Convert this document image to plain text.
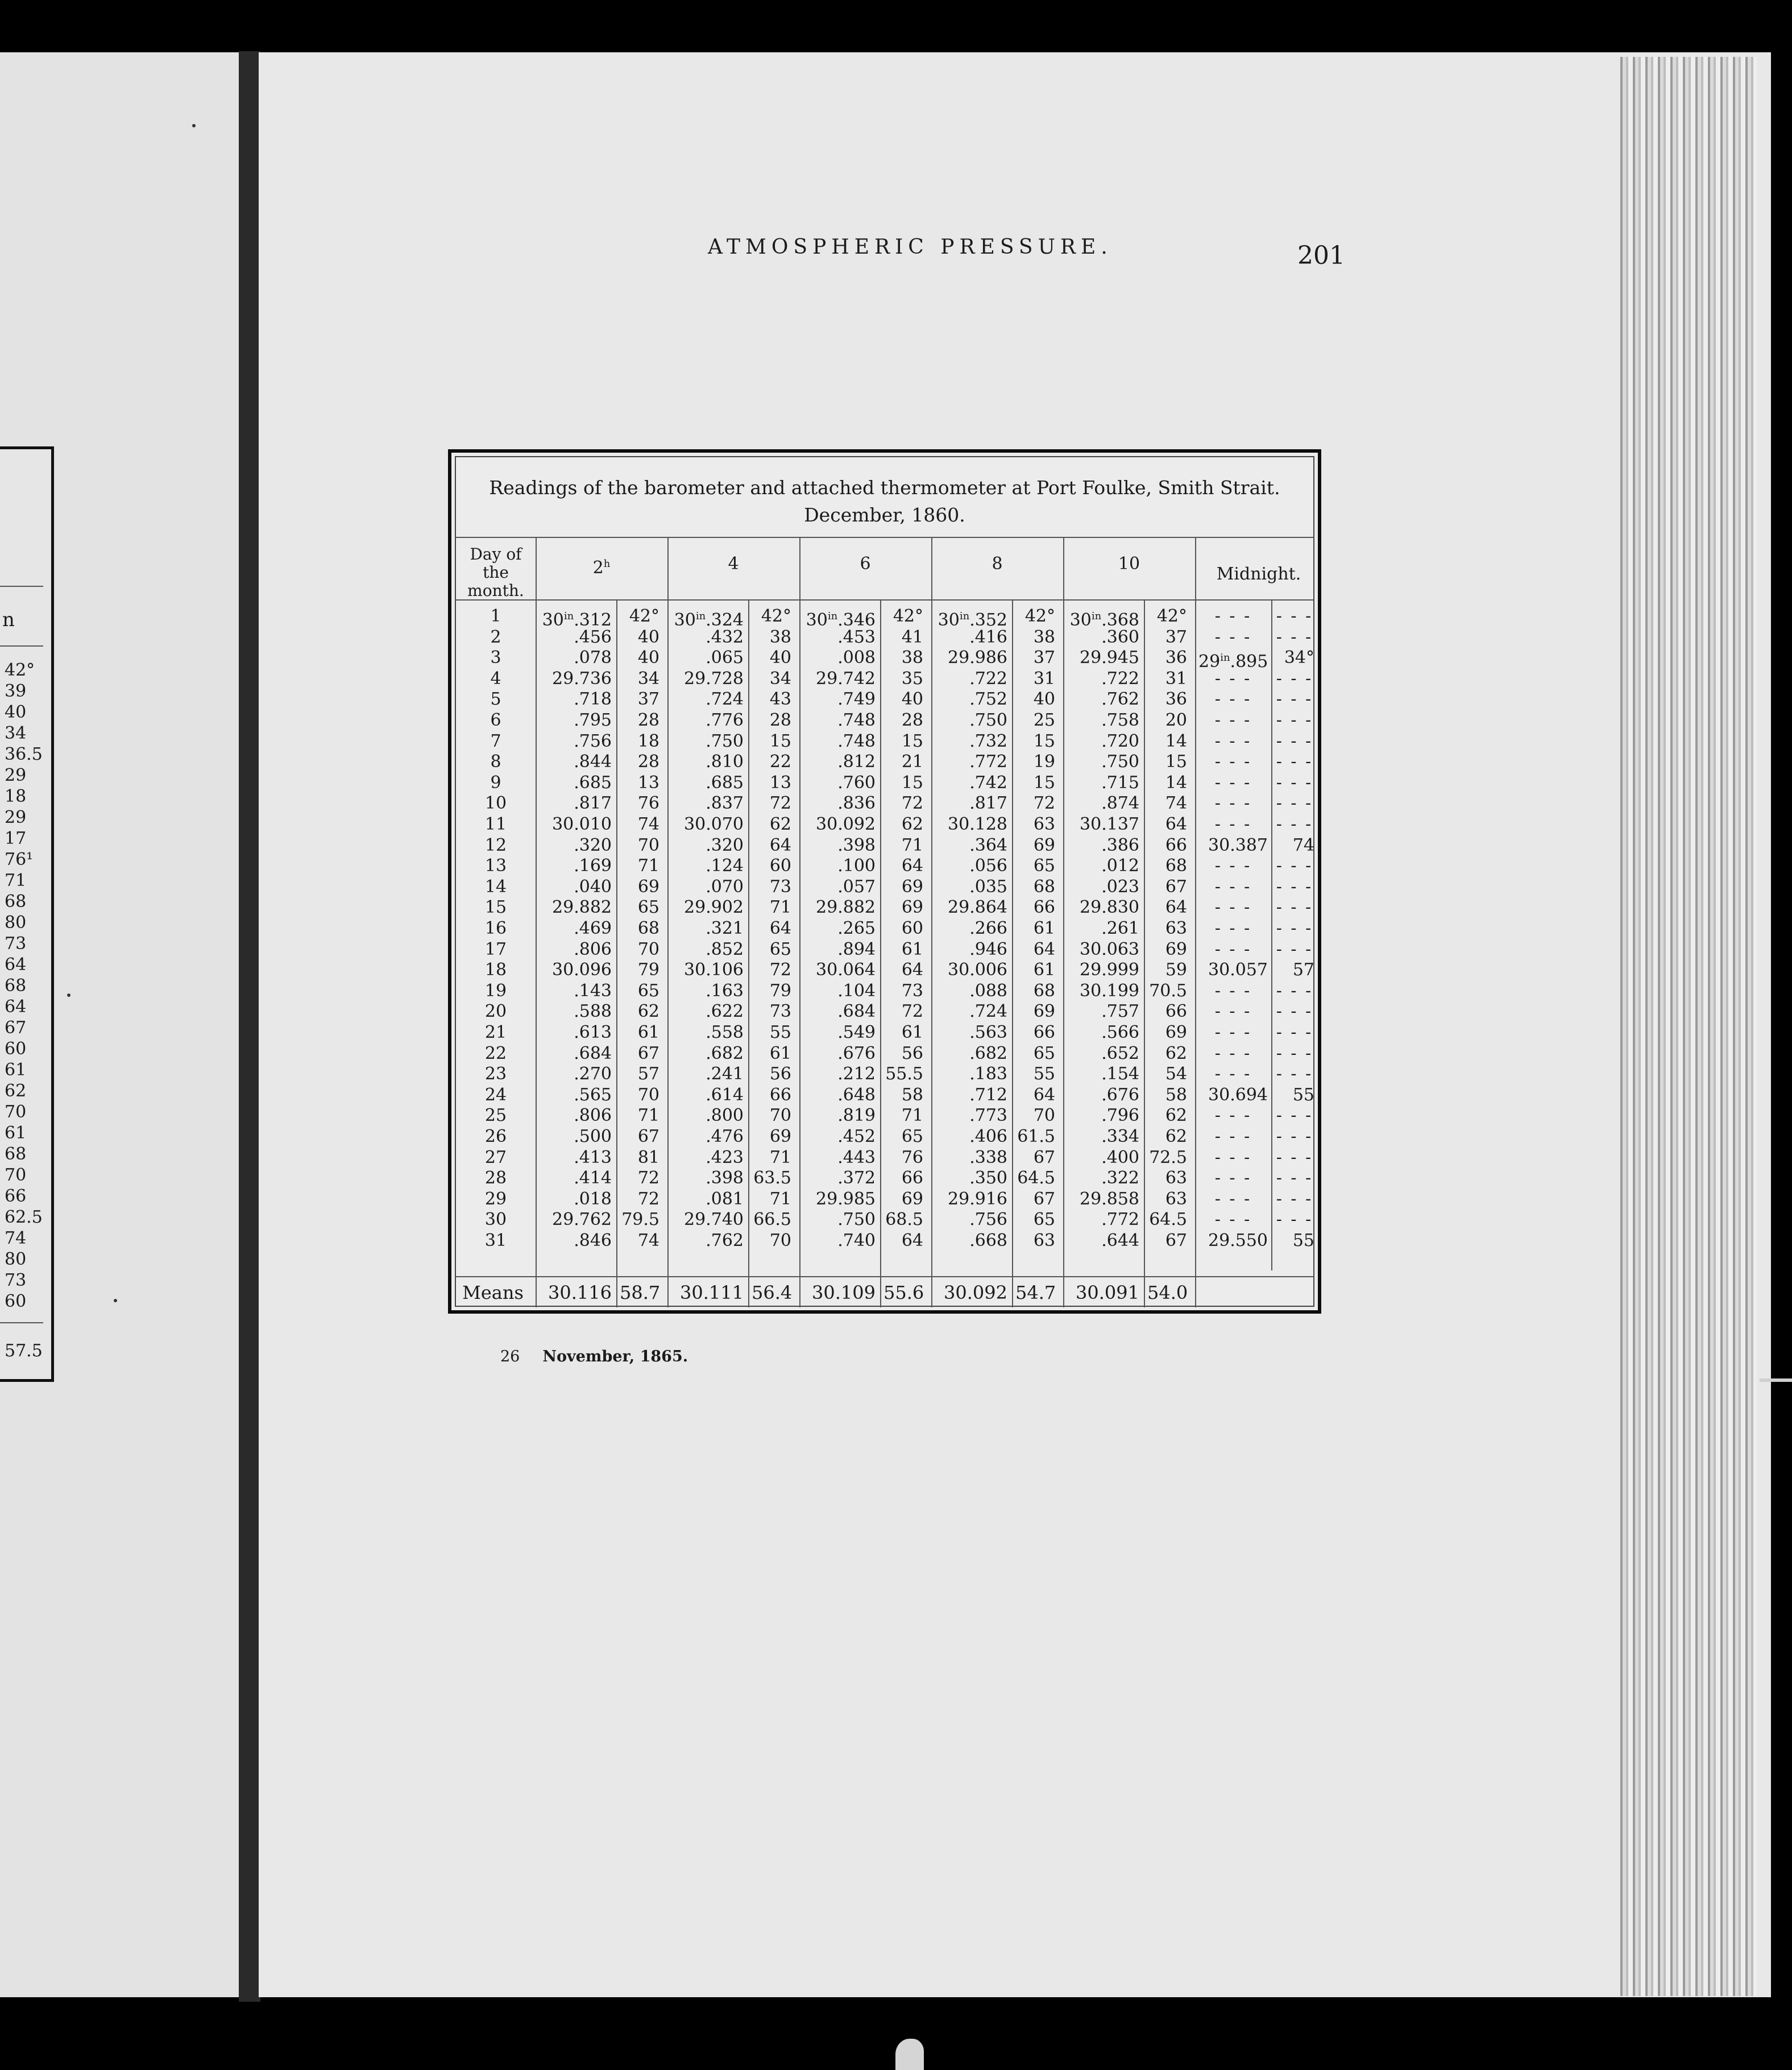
n
42°
39
40
34
36.5
29
18
29
17
76¹
71
68
80
73
64
68
64
67
60
61
62
70
61
68
70
66
62.5
74
80
73
60
57.5
ATMOSPHERIC PRESSURE.	201
Readings of the barometer and attached thermometer at Port Foulke, Smith Strait.
December, 1860.
Day of the
month.
2$^h$	4	6	8	10
Midnight.
1	$30^{in}.312$	42° $30^{in}.324$	42° $30^{in}.346$	42° $30^{in}.352$	42° $30^{in}.368$	42°	- - -	- - -
2	.456	40	.432	38	.453	41	.416	38	.360	37	- - -	- - -
3	.078	40	.065	40	.008	38	29.986	37	29.945	36 $29^{in}.895$ 34°
4	29.736	34	29.728	34	29.742	35	.722	31	.722	31	- - -	- - -
5	.718	37	.724	43	.749	40	.752	40	.762	36	- - -	- - -
6	.795	28	.776	28	.748	28	.750	25	.758	20	- - -	- - -
7	.756	18	.750	15	.748	15	.732	15	.720	14	- - -	- - -
8	.844	28	.810	22	.812	21	.772	19	.750	15	- - -	- - -
9	.685	13	.685	13	.760	15	.742	15	.715	14	- - -	- - -
10	.817	76	.837	72	.836	72	.817	72	.874	74	- - -	- - -
11	30.010	74	30.070	62	30.092	62	30.128	63	30.137	64	- - -	- - -
12	.320	70	.320	64	.398	71	.364	69	.386	66	30.387	74
13	.169	71	.124	60	.100	64	.056	65	.012	68	- - -	- - -
14	.040	69	.070	73	.057	69	.035	68	.023	67	- - -	- - -
15	29.882	65	29.902	71	29.882	69	29.864	66	29.830	64	- - -	- - -
16	.469	68	.321	64	.265	60	.266	61	.261	63	- - -	- - -
17	.806	70	.852	65	.894	61	.946	64	30.063	69	- - -	- - -
18	30.096	79	30.106	72	30.064	64	30.006	61	29.999	59	30.057	57
19	.143	65	.163	79	.104	73	.088	68	30.199 70.5	- - -	- - -
20	.588	62	.622	73	.684	72	.724	69	.757	66	- - -	- - -
21	.613	61	.558	55	.549	61	.563	66	.566	69	- - -	- - -
22	.684	67	.682	61	.676	56	.682	65	.652	62	- - -	- - -
23	.270	57	.241	56	.212 55.5	.183	55	.154	54	- - -	- - -
24	.565	70	.614	66	.648	58	.712	64	.676	58	30.694	55
25	.806	71	.800	70	.819	71	.773	70	.796	62	- - -	- - -
26	.500	67	.476	69	.452	65	.406 61.5	.334	62	- - -	- - -
27	.413	81	.423	71	.443	76	.338	67	.400 72.5	- - -	- - -
28	.414	72	.398 63.5	.372	66	.350 64.5	.322	63	- - -	- - -
29	.018	72	.081	71	29.985	69	29.916	67	29.858	63	- - -	- - -
30	29.762 79.5	29.740 66.5	.750 68.5	.756	65	.772 64.5	- - -	- - -
31	.846	74	.762	70	.740	64	.668	63	.644	67	29.550	55
Means	30.116 58.7	30.111 56.4	30.109 55.6	30.092 54.7	30.091 54.0
26 November, 1865.
